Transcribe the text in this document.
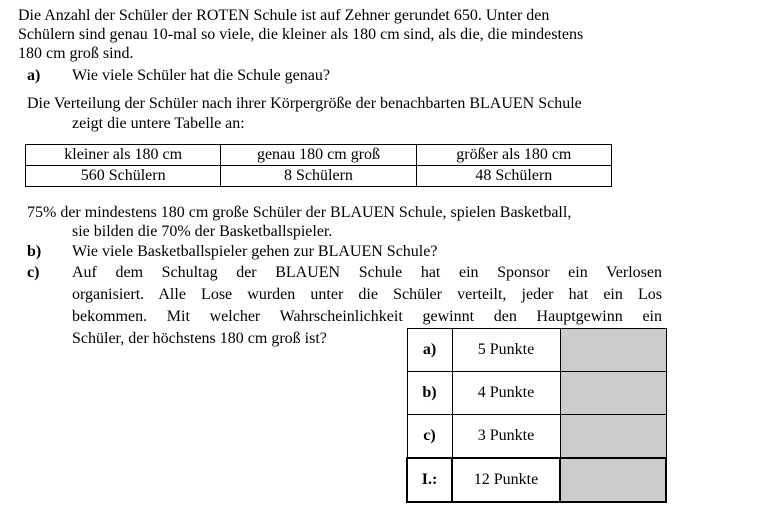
Die Anzahl der Schüler der ROTEN Schule ist auf Zehner gerundet 650. Unter den
Schülern sind genau 10-mal so viele, die kleiner als 180 cm sind, als die, die mindestens
180 cm groß sind.
a) Wie viele Schüler hat die Schule genau?
Die Verteilung der Schüler nach ihrer Körpergröße der benachbarten BLAUEN Schule
zeigt die untere Tabelle an:
kleiner als 180 cm	genau 180 cm groß	größer als 180 cm
560 Schülern	8 Schülern	48 Schülern
75% der mindestens 180 cm große Schüler der BLAUEN Schule, spielen Basketball,
sie bilden die 70% der Basketballspieler.
b) Wie viele Basketballspieler gehen zur BLAUEN Schule?
c) Auf dem Schultag der BLAUEN Schule hat ein Sponsor ein Verlosen
organisiert. Alle Lose wurden unter die Schüler verteilt, jeder hat ein Los
bekommen. Mit welcher Wahrscheinlichkeit gewinnt den Hauptgewinn ein
Schüler, der höchstens 180 cm groß ist?
a)	5 Punkte	
b)	4 Punkte	
c)	3 Punkte	
I.:	12 Punkte	
